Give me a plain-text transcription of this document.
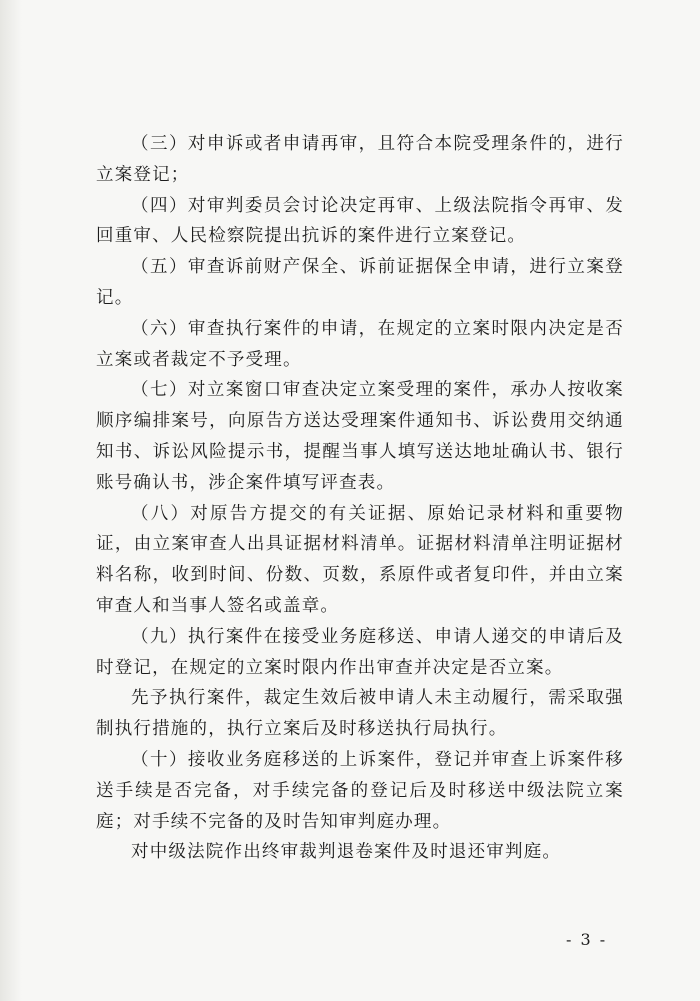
（三）对申诉或者申请再审，且符合本院受理条件的，进行立案登记；

（四）对审判委员会讨论决定再审、上级法院指令再审、发回重审、人民检察院提出抗诉的案件进行立案登记。

（五）审查诉前财产保全、诉前证据保全申请，进行立案登记。

（六）审查执行案件的申请，在规定的立案时限内决定是否立案或者裁定不予受理。

（七）对立案窗口审查决定立案受理的案件，承办人按收案顺序编排案号，向原告方送达受理案件通知书、诉讼费用交纳通知书、诉讼风险提示书，提醒当事人填写送达地址确认书、银行账号确认书，涉企案件填写评查表。

（八）对原告方提交的有关证据、原始记录材料和重要物证，由立案审查人出具证据材料清单。证据材料清单注明证据材料名称，收到时间、份数、页数，系原件或者复印件，并由立案审查人和当事人签名或盖章。

（九）执行案件在接受业务庭移送、申请人递交的申请后及时登记，在规定的立案时限内作出审查并决定是否立案。

先予执行案件，裁定生效后被申请人未主动履行，需采取强制执行措施的，执行立案后及时移送执行局执行。

（十）接收业务庭移送的上诉案件，登记并审查上诉案件移送手续是否完备，对手续完备的登记后及时移送中级法院立案庭；对手续不完备的及时告知审判庭办理。

对中级法院作出终审裁判退卷案件及时退还审判庭。

- 3 -
